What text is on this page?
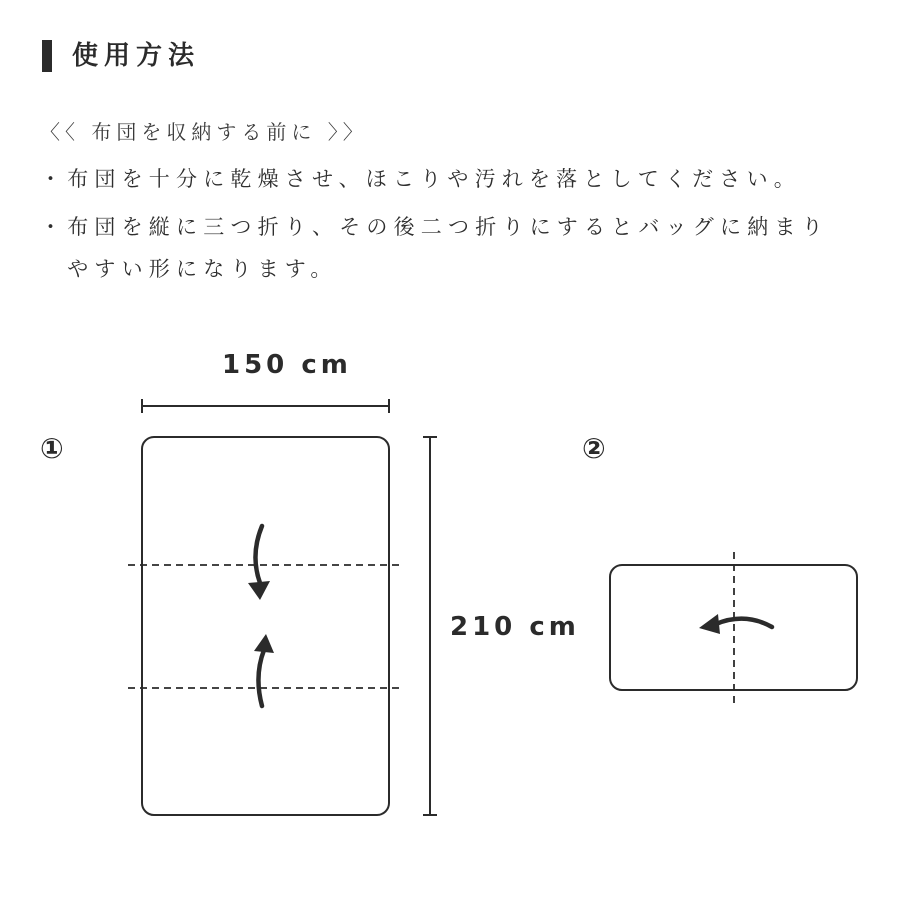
使用方法
〈〈 布団を収納する前に 〉〉
・布団を十分に乾燥させ、ほこりや汚れを落としてください。
・布団を縦に三つ折り、その後二つ折りにするとバッグに納まり
　やすい形になります。
150 cm
210 cm
①	②
